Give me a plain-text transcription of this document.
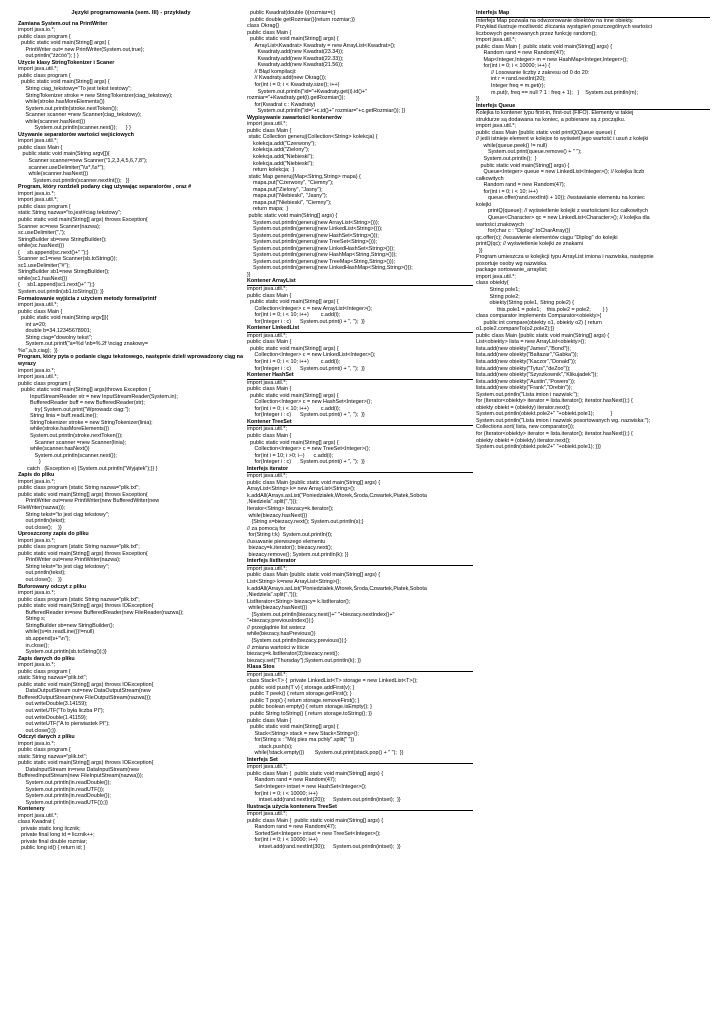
Języki programowania (sem. III) - przykłady
Zamiana System.out na PrintWriter
import java.io.*;
public class program {
public static void main(String[] args) {
PrintWriter out= new PrintWriter(System.out,true);
out.println("źżćóó"); } }
Użycie klasy StringTokenizer i Scaner
import java.util.*;
public class program {
public static void main(String[] args) {
String ciag_tekstowy="To jest tekst testowy";
StringTokenizer stroke = new StringTokenizer(ciag_tekstowy);
while(stroke.hasMoreElements())
System.out.println(stroke.nextToken());
Scanner scanner =new Scanner(ciag_tekstowy);
while(scanner.hasNext())
System.out.println(scanner.next());      } }
Używanie separatorów wartości wejściowych
import java.util.*;
public class Main {
public static void main(String argv[]){
Scanner scanner=new Scanner("1,2,3,4,5,6,7,8");
scanner.useDelimiter("\\s*,\\s*");
while(scanner.hasNext())
System.out.println(scanner.nextInt());   }}
Program, który rozdzieli podany ciąg używając separatorów , oraz #
import java.io.*;
import java.util.*;
public class program {
static String nazwa="to,jest#ciag tekstowy";
public static void main(String[] args) throws Exception{
Scanner sc=new Scanner(nazwa);
sc.useDelimiter(",");
StringBuilder sb=new StringBuilder();
while(sc.hasNext())
{     sb.append(sc.next()+" ");}
Scanner sc1=new Scanner(sb.toString());
sc1.useDelimiter("#");
StringBuilder sb1=new StringBuilder();
while(sc1.hasNext())
{     sb1.append(sc1.next()+" ");}
System.out.println(sb1.toString()); }}
Formatowanie wyjścia z użyciem metody format/printf
import java.util.*;
public class Main {
public static void main(String argv[]){
int a=20;
double b=34.12345678901;
String ciag="dowolny tekst";
System.out.printf("a=%d \nb=%.2f \nciąg znakowy=
%s",a,b,ciag);  }}
Program, który pyta o podanie ciągu tekstowego, następnie dzieli wprowadzony ciąg na wyrazy
import java.io.*;
import java.util.*;
public class program {
public static void main(String[] args)throws Exception {
InputStreamReader str = new InputStreamReader(System.in);
BufferedReader buff = new BufferedReader(str);
try{ System.out.print("Wprowadz ciąg:");
String linia = buff.readLine();
StringTokenizer stroke = new StringTokenizer(linia);
while(stroke.hasMoreElements())
System.out.println(stroke.nextToken());
Scanner scanner =new Scanner(linia);
while(scanner.hasNext())
System.out.println(scanner.next());
}
catch   (Exception e) {System.out.println("Wyjątek");}} }
Zapis do pliku
import java.io.*;
public class program {static String nazwa="plik.txt";
public static void main(String[] args) throws Exception{
PrintWriter out=new PrintWriter(new BufferedWriter(new
FileWriter(nazwa)));
String tekst="to jest ciąg tekstowy";
out.println(tekst);
out.close();    }}
Uproszczony zapis do pliku
import java.io.*;
public class program {static String nazwa="plik.txt";
public static void main(String[] args) throws Exception{
PrintWriter out=new PrintWriter(nazwa);
String tekst="to jest ciąg tekstowy";
out.println(tekst);
out.close();    }}
Buforowany odczyt z pliku
import java.io.*;
public class program {static String nazwa="plik.txt";
public static void main(String[] args) throws IOException{
BufferedReader in=new BufferedReader(new FileReader(nazwa));
String s;
StringBuilder sb=new StringBuilder();
while((s=in.readLine())!=null)
sb.append(s+"\n");
in.close();
System.out.println(sb.toString());}}
Zapis danych do pliku
import java.io.*;
public class program {
static String nazwa="plik.txt";
public static void main(String[] args) throws IOException{
DataOutputStream out=new DataOutputStream(new
BufferedOutputStream(new FileOutputStream(nazwa)));
out.writeDouble(3.14159);
out.writeUTF("To była liczba PI");
out.writeDouble(1.41159);
out.writeUTF("A to pierwiastek PI");
out.close();}}
Odczyt danych z pliku
import java.io.*;
public class program {
static String nazwa="plik.txt";
public static void main(String[] args) throws IOException{
DataInputStream in=new DataInputStream(new
BufferedInputStream(new FileInputStream(nazwa)));
System.out.println(in.readDouble());
System.out.println(in.readUTF());
System.out.println(in.readDouble());
System.out.println(in.readUTF());}}
Kontenery
import java.util.*;
class Kwadrat {
private static long licznik;
private final long id = licznik++;
private final double rozmiar;
public long id() { return id; }
public Kwadrat(double i){rozmiar=i;}
public double getRozmiar(){return rozmiar;}}
class Okrag{}
public class Main {
public static void main(String[] args) {
ArrayList<Kwadrat> Kwadraty = new ArrayList<Kwadrat>();
Kwadraty.add(new Kwadrat(23.34));
Kwadraty.add(new Kwadrat(22.33));
Kwadraty.add(new Kwadrat(21.56));
// Błąd kompilacji:
// Kwadraty.add(new Okrag());
for(int i = 0; i < Kwadraty.size(); i++)
System.out.println("id="+Kwadraty.get(i).id()+"
rozmiar="+Kwadraty.get(i).getRozmiar());
for(Kwadrat c : Kwadraty)
System.out.println("id="+c.id()+" rozmiar="+c.getRozmiar()); }}
Wypisywanie zawartości kontenerów
import java.util.*;
public class Main {
static Collection generuj(Collection<String> kolekcja) {
kolekcja.add("Czerwony");
kolekcja.add("Zielony");
kolekcja.add("Niebieski");
kolekcja.add("Niebieski");
return kolekcja;  }
static Map generuj(Map<String,String> mapa) {
mapa.put("Czerwony", "Ciemny");
mapa.put("Zielony", "Jasny");
mapa.put("Niebieski", "Jasny");
mapa.put("Niebieski", "Ciemny");
return mapa;  }
public static void main(String[] args) {
System.out.println(generuj(new ArrayList<String>()));
System.out.println(generuj(new LinkedList<String>()));
System.out.println(generuj(new HashSet<String>()));
System.out.println(generuj(new TreeSet<String>()));
System.out.println(generuj(new LinkedHashSet<String>()));
System.out.println(generuj(new HashMap<String,String>()));
System.out.println(generuj(new TreeMap<String,String>()));
System.out.println(generuj(new LinkedHashMap<String,String>()));
}}
Kontener ArrayList
import java.util.*;
public class Main {
public static void main(String[] args) {
Collection<Integer> c = new ArrayList<Integer>();
for(int i = 0; i < 10; i++)        c.add(i);
for(Integer i : c)      System.out.print(i + ", ");  }}
Kontener LinkedList
import java.util.*;
public class Main {
public static void main(String[] args) {
Collection<Integer> c = new LinkedList<Integer>();
for(int i = 0; i < 10; i++)        c.add(i);
for(Integer i : c)      System.out.print(i + ", ");  }}
Kontener HashSet
import java.util.*;
public class Main {
public static void main(String[] args) {
Collection<Integer> c = new HashSet<Integer>();
for(int i = 0; i < 10; i++)        c.add(i);
for(Integer i : c)      System.out.print(i + ", ");  }}
Kontener TreeSet
import java.util.*;
public class Main {
public static void main(String[] args) {
Collection<Integer> c = new TreeSet<Integer>();
for(int i = 10; i >0; i--)      c.add(i);
for(Integer i : c)      System.out.print(i + ", ");  }}
Interfejs iterator
import java.util.*;
public class Main {public static void main(String[] args) {
ArrayList<String> k= new ArrayList<String>();
k.addAll(Arrays.asList("Poniedziałek,Wtorek,Środa,Czwartek,Piatek,Sobota
,Niedziela".split(",")));
Iterator<String> biezacy=k.iterator();
while(biezacy.hasNext())
{String s=biezacy.next(); System.out.println(s);}
// za pomocą for
for(String t:k)  System.out.println(t);
//usuwanie pierwszego elementu
biezacy=k.iterator(); biezacy.next();
biezacy.remove(); System.out.println(k); }}
Interfejs listIterator
import java.util.*;
public class Main {public static void main(String[] args) {
List<String> k=new ArrayList<String>();
k.addAll(Arrays.asList("Poniedziałek,Wtorek,Środa,Czwartek,Piatek,Sobota
,Niedziela".split(",")));
ListIterator<String> biezacy= k.listIterator();
while(biezacy.hasNext())
{System.out.println(biezacy.next()+" "+biezacy.nextIndex()+"
"+biezacy.previousIndex());}
// przeglądnie list wstecz
while(biezacy.hasPrevious())
{System.out.println(biezacy.previous());}
// zmiana wartości w liście
biezacy=k.listIterator(3);biezacy.next();
biezacy.set("Thursday");System.out.println(k); }}
Klasa Stos
import java.util.*;
class Stack<T> {  private LinkedList<T> storage = new LinkedList<T>();
public void push(T v) { storage.addFirst(v); }
public T peek() { return storage.getFirst(); }
public T pop() { return storage.removeFirst(); }
public boolean empty() { return storage.isEmpty(); }
public String toString() { return storage.toString(); }}
public class Main {
public static void main(String[] args) {
Stack<String> stack = new Stack<String>();
for(String s : "Mój pies ma pchły".split(" "))
stack.push(s);
while(!stack.empty())       System.out.print(stack.pop() + " ");  }}
Interfejs Set
import java.util.*;
public class Main {  public static void main(String[] args) {
Random rand = new Random(47);
Set<Integer> intset = new HashSet<Integer>();
for(int i = 0; i < 10000; i++)
intset.add(rand.nextInt(20));     System.out.println(intset);  }}
Ilustracja użycia kontenera TreeSet
import java.util.*;
public class Main {  public static void main(String[] args) {
Random rand = new Random(47);
SortedSet<Integer> intset = new TreeSet<Integer>();
for(int i = 0; i < 10000; i++)
intset.add(rand.nextInt(30));     System.out.println(intset);  }}
Interfejs Map
Interfejs Map pozwala na odwzorowanie obiektów na inne obiekty.
Przykład ilustruje możliwość zliczania wystąpień poszczególnych wartości
liczbowych generowanych przez funkcję random();
import java.util.*;
public class Main {  public static void main(String[] args) {
Random rand = new Random(47);
Map<Integer,Integer> m = new HashMap<Integer,Integer>();
for(int i = 0; i < 10000; i++) {
// Losowanie liczby z zakresu od 0 do 20:
int r = rand.nextInt(20);
Integer freq = m.get(r);
m.put(r, freq == null ? 1 : freq + 1);   }    System.out.println(m);
}}
Interfejs Queue
Kolejka to kontener typu first-in, first-out (FIFO). Elementy w takiej
strukturze są dodawana na koniec, a pobierane są z początku.
import java.util.*;
public class Main {public static void printQ(Queue queue) {
// jeśli istnieje element w kolejce to wyświetl jego wartość i usuń z kolejki
while(queue.peek() != null)
System.out.print(queue.remove() + " ");
System.out.println();  }
public static void main(String[] args) {
Queue<Integer> queue = new LinkedList<Integer>(); // kolejka liczb
całkowitych
Random rand = new Random(47);
for(int i = 0; i < 10; i++)
queue.offer(rand.nextInt(i + 10)); //wstawianie elementu na koniec
kolejki
printQ(queue); // wyświetlenie kolejki z wartościami licz całkowitych
Queue<Character> qc = new LinkedList<Character>(); // kolejka dla
wartości znakowych
for(char c : "Diplog".toCharArray())
qc.offer(c); //wsawienie elementów ciągu "Diplog" do kolejki
printQ(qc); // wyświetlenie kolejki ze znakami
}}
Program umieszcza w kolejkcji typu ArrayList imiona i nazwiska, następnie
posortuje osoby wg nazwiska.
package sortowanie_arraylist;
import java.util.*;
class obiekty{
String pole1;
String pole2;
obiekty(String pole1, String pole2) {
this.pole1 = pole1;    this.pole2 = pole2;        } }
class comparator implements Comparator<obiekty>{
public int compare(obiekty o1, obiekty o2) { return
o1.pole2.compareTo(o2.pole2);}}
public class Main {public static void main(String[] args) {
List<obiekty> lista = new ArrayList<obiekty>();
lista.add(new obiekty("James","Bond"));
lista.add(new obiekty("Baltazar","Gabka"));
lista.add(new obiekty("Kaczor","Donald"));
lista.add(new obiekty("Tytus","deZoo"));
lista.add(new obiekty("Szyszkownik","Klikujadek"));
lista.add(new obiekty("Austin","Powers"));
lista.add(new obiekty("Frank","Drebin"));
System.out.println("Lista imion i nazwisk:");
for (Iterator<obiekty> iterator = lista.iterator(); iterator.hasNext();) {
obiekty obiekt = (obiekty) iterator.next();
System.out.println(obiekt.pole2+" "+obiekt.pole1);           }
System.out.println("Lista imion i nazwisk posortowanych wg. nazwiska:");
Collections.sort( lista, new comparator());
for (Iterator<obiekty> iterator = lista.iterator(); iterator.hasNext();) {
obiekty obiekt = (obiekty) iterator.next();
System.out.println(obiekt.pole2+" "+obiekt.pole1); }}}
